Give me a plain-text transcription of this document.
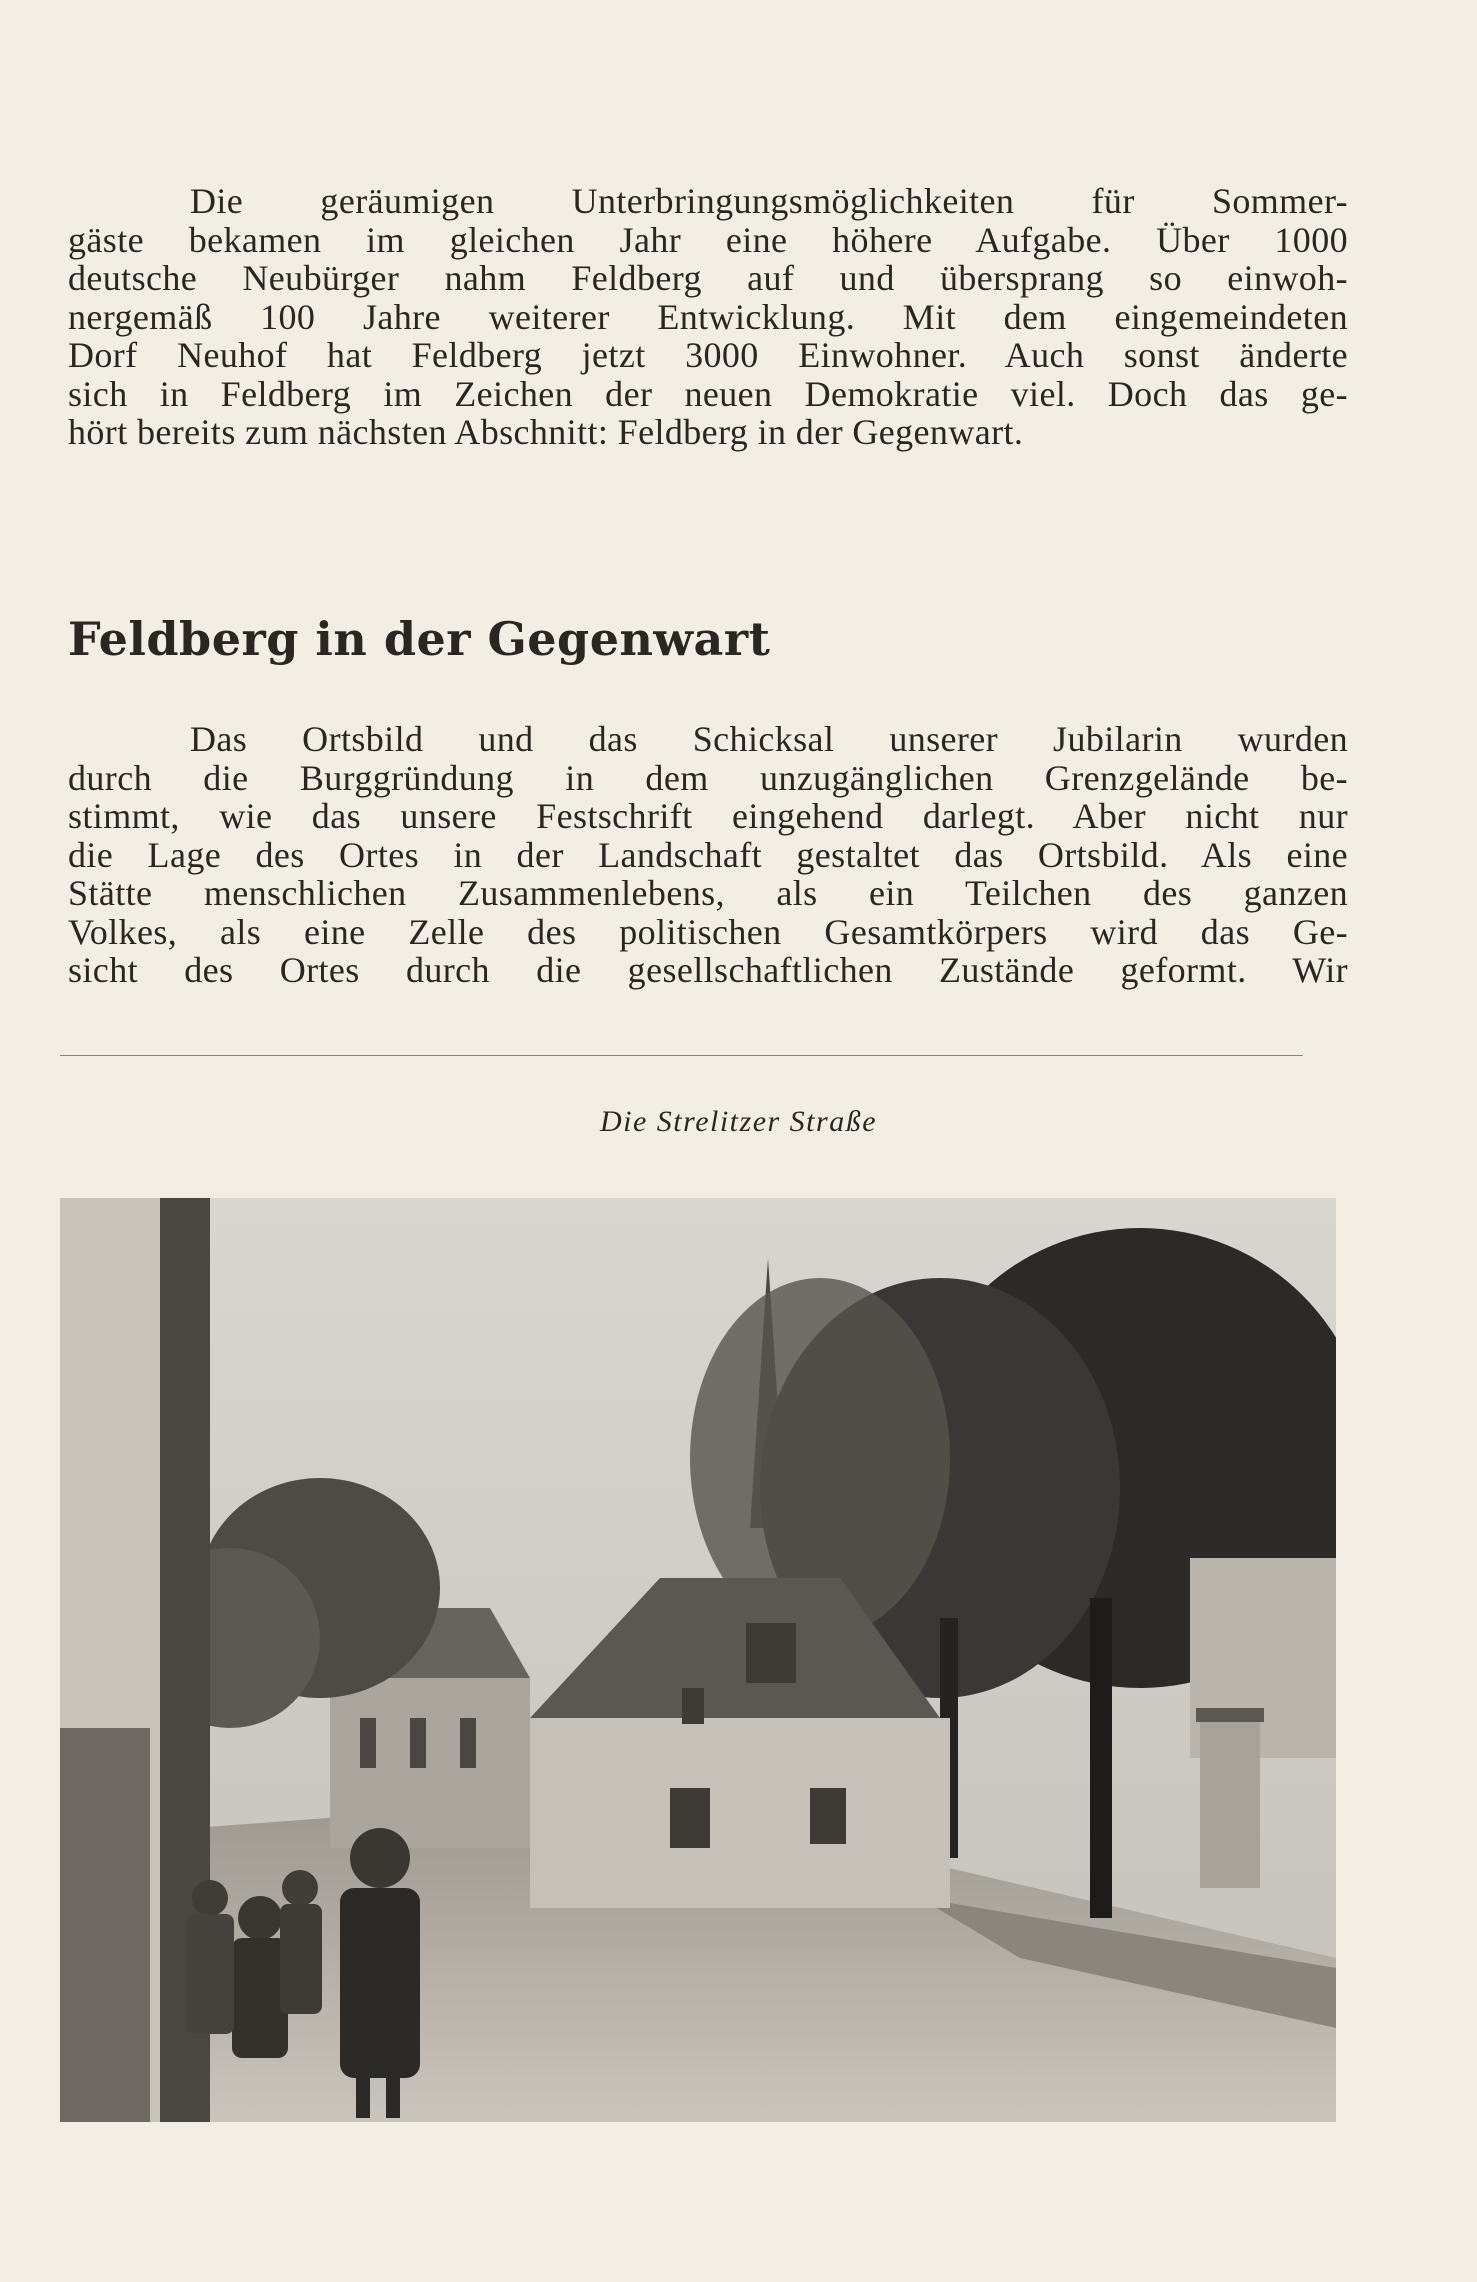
Die geräumigen Unterbringungsmöglichkeiten für Sommer-
gäste bekamen im gleichen Jahr eine höhere Aufgabe. Über 1000
deutsche Neubürger nahm Feldberg auf und übersprang so einwoh-
nergemäß 100 Jahre weiterer Entwicklung. Mit dem eingemeindeten
Dorf Neuhof hat Feldberg jetzt 3000 Einwohner. Auch sonst änderte
sich in Feldberg im Zeichen der neuen Demokratie viel. Doch das ge-
hört bereits zum nächsten Abschnitt: Feldberg in der Gegenwart.
Feldberg in der Gegenwart
Das Ortsbild und das Schicksal unserer Jubilarin wurden
durch die Burggründung in dem unzugänglichen Grenzgelände be-
stimmt, wie das unsere Festschrift eingehend darlegt. Aber nicht nur
die Lage des Ortes in der Landschaft gestaltet das Ortsbild. Als eine
Stätte menschlichen Zusammenlebens, als ein Teilchen des ganzen
Volkes, als eine Zelle des politischen Gesamtkörpers wird das Ge-
sicht des Ortes durch die gesellschaftlichen Zustände geformt. Wir
Die Strelitzer Straße
